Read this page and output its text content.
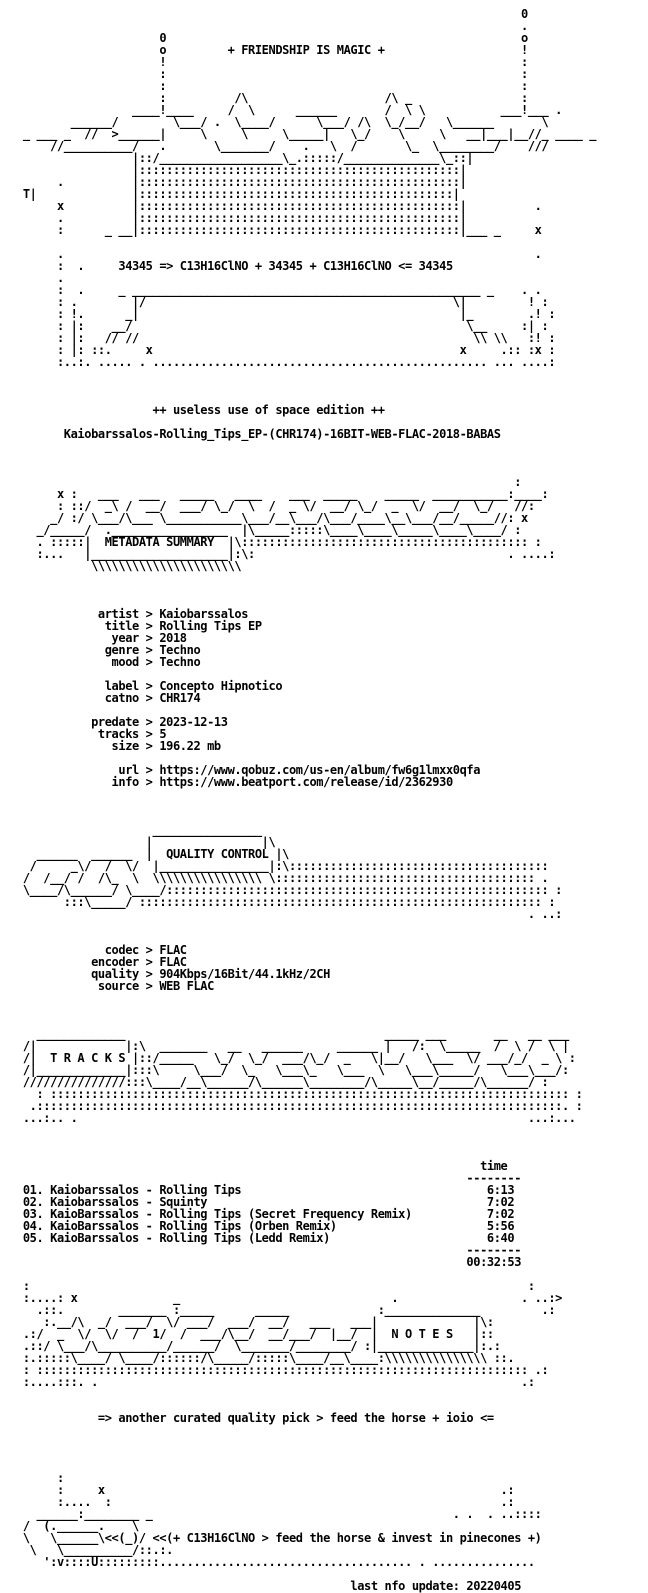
0
.
0                                                    o
o         + FRIENDSHIP IS MAGIC +                    !
!                                                    :
:                                                    :
:                                                    :
:          /\                    /\ _                :
____!____     /  \      ______       /  \ \           ___!___ .
______/        \___/ .  \____/      \___/ /\  \_/__/   \______       \
_ ___ _  //  >______|     \     \     \_____|   \_/    \     \   __|___|__//_ ____ _
//__________/   .       \_______/    .   \  /       \_  \________/    ///
|::/__________________\_.:::::/______________\_::|
|:::::::::::::::::::::::::::::::::::::::::::::::|
.          |:::::::::::::::::::::::::::::::::::::::::::::::|
T|              |::::::::::::::::::::::::::::::::::::::::::::::|
x          |:::::::::::::::::::::::::::::::::::::::::::::::|          .
.          |:::::::::::::::::::::::::::::::::::::::::::::::|
:      _ __|:::::::::::::::::::::::::::::::::::::::::::::::|___ _     x

.                                                                     .
:  .     34345 => C13H16ClNO + 34345 + C13H16ClNO <= 34345
.
:  .     _ ___________________________________________________ _    . .
: .        |/                                             \|         ! :
: !.      _|                                               |_        .! :
: |:    __/                                                 \__     :| :
: |:   // //                                                 \\ \\   :! :
: |: ::.     x                                             x     .:: :x :
:..:. ..... . ................................................. ... ....:

++ useless use of space edition ++

Kaiobarssalos-Rolling_Tips_EP-(CHR174)-16BIT-WEB-FLAC-2018-BABAS

:
x :   ___   ___   _____   ____    ___  _____    _____  ___________:____:
: ::/  _\ /  __/  ___/ \_/  \  /  _ \/  __/ \_/  _  \/  __/  \_/   //:
_/ :/ \___/\___ \___________\___/__\___/\___/____\__\___/__/_____//: x
_/_____/  ._________________  |\_____:::::\____\____\_____\____\____/ :
. :::::|  METADATA SUMMARY  |\:::::::::::::::::::::::::::::::::::::::::: :
:...   |____________________|:\:                                     . ....:
\\\\\\\\\\\\\\\\\\\\\\

artist > Kaiobarssalos
title > Rolling Tips EP
year > 2018
genre > Techno
mood > Techno

label > Concepto Hipnotico
catno > CHR174

predate > 2023-12-13
tracks > 5
size > 196.22 mb

url > https://www.qobuz.com/us-en/album/fw6g1lmxx0qfa
info > https://www.beatport.com/release/id/2362930

________________
|                |\
______  ______  |  QUALITY CONTROL |\
/     _\/  /  \/  |________________|:\::::::::::::::::::::::::::::::::::::::
/  /__/ /  /\_  \  \\\\\\\\\\\\\\\\ \:::::::::::::::::::::::::::::::::::::: .
\____/\______/ \____/:::::::::::::::::::::::::::::::::::::::::::::::::::::::: :
:::\_____/ ::::::::::::::::::::::::::::::::::::::::::::::::::::::::::: :
. ..:

codec > FLAC
encoder > FLAC
quality > 904Kbps/16Bit/44.1kHz/2CH
source > WEB FLAC

_____________                                      _____ ___       __   __ ___
/|             |:\  _______   __   ______     ______ |   /:  \_____  /  \ /  \ |
/|  T R A C K S |::/_____   \_/  \_/  ___/\_/  _   \|__/   \___  \/ ___/_/  _ \ :
/|_____________|:::\     \___/  \_   \___\_   \___  \   \___\_____/   \___\___/:
///////////////:::\____/__\______/\______\________/\_____\__/_____/\______/ :
: :::::::::::::::::::::::::::::::::::::::::::::::::::::::::::::::::::::::::::: :
.:::::::::::::::::::::::::::::::::::::::::::::::::::::::::::::::::::::::::::::. :
...:.. .                                                                  ...:...

time
--------
01. Kaiobarssalos - Rolling Tips                                    6:13
02. Kaiobarssalos - Squinty                                         7:02
03. KaioBarssalos - Rolling Tips (Secret Frequency Remix)           7:02
04. KaioBarssalos - Rolling Tips (Orben Remix)                      5:56
05. KaioBarssalos - Rolling Tips (Ledd Remix)                       6:40
--------
00:32:53

:                                                                         :
:....: x              _                               .                  . ..:>
.::.        _______ :_____      _____             :______________         .:
:.__/\  _/  ___/  \/ ___/  ___/  __/   ___   ___|              |\:
.:/  _  \/  \/  /  1/  /  ___/\__/  __/___/  |__/  |  N O T E S   |::
.::/ \___/\__________/______/  \_______/________/ :|______________|:.:
:.:::::\____/ \____/::::::/\_____/:::::\____/__\____:\\\\\\\\\\\\\\\ ::.
: :::::::::::::::::::::::::::::::::::::::::::::::::::::::::::::::::::::::: .:
:....:::. .                                                              .:

=> another curated quality pick > feed the horse + ioio <=

:
:     x                                                          .:
:....  :                                                         .:
______:________ _                                            . .  . ..::::
/  (.______.    \
\   \______\<<(_)/ <<(+ C13H16ClNO > feed the horse & invest in pinecones +)
\   \__________/::.:.
':v::::U:::::::::..................................... . ...............

last nfo update: 20220405
